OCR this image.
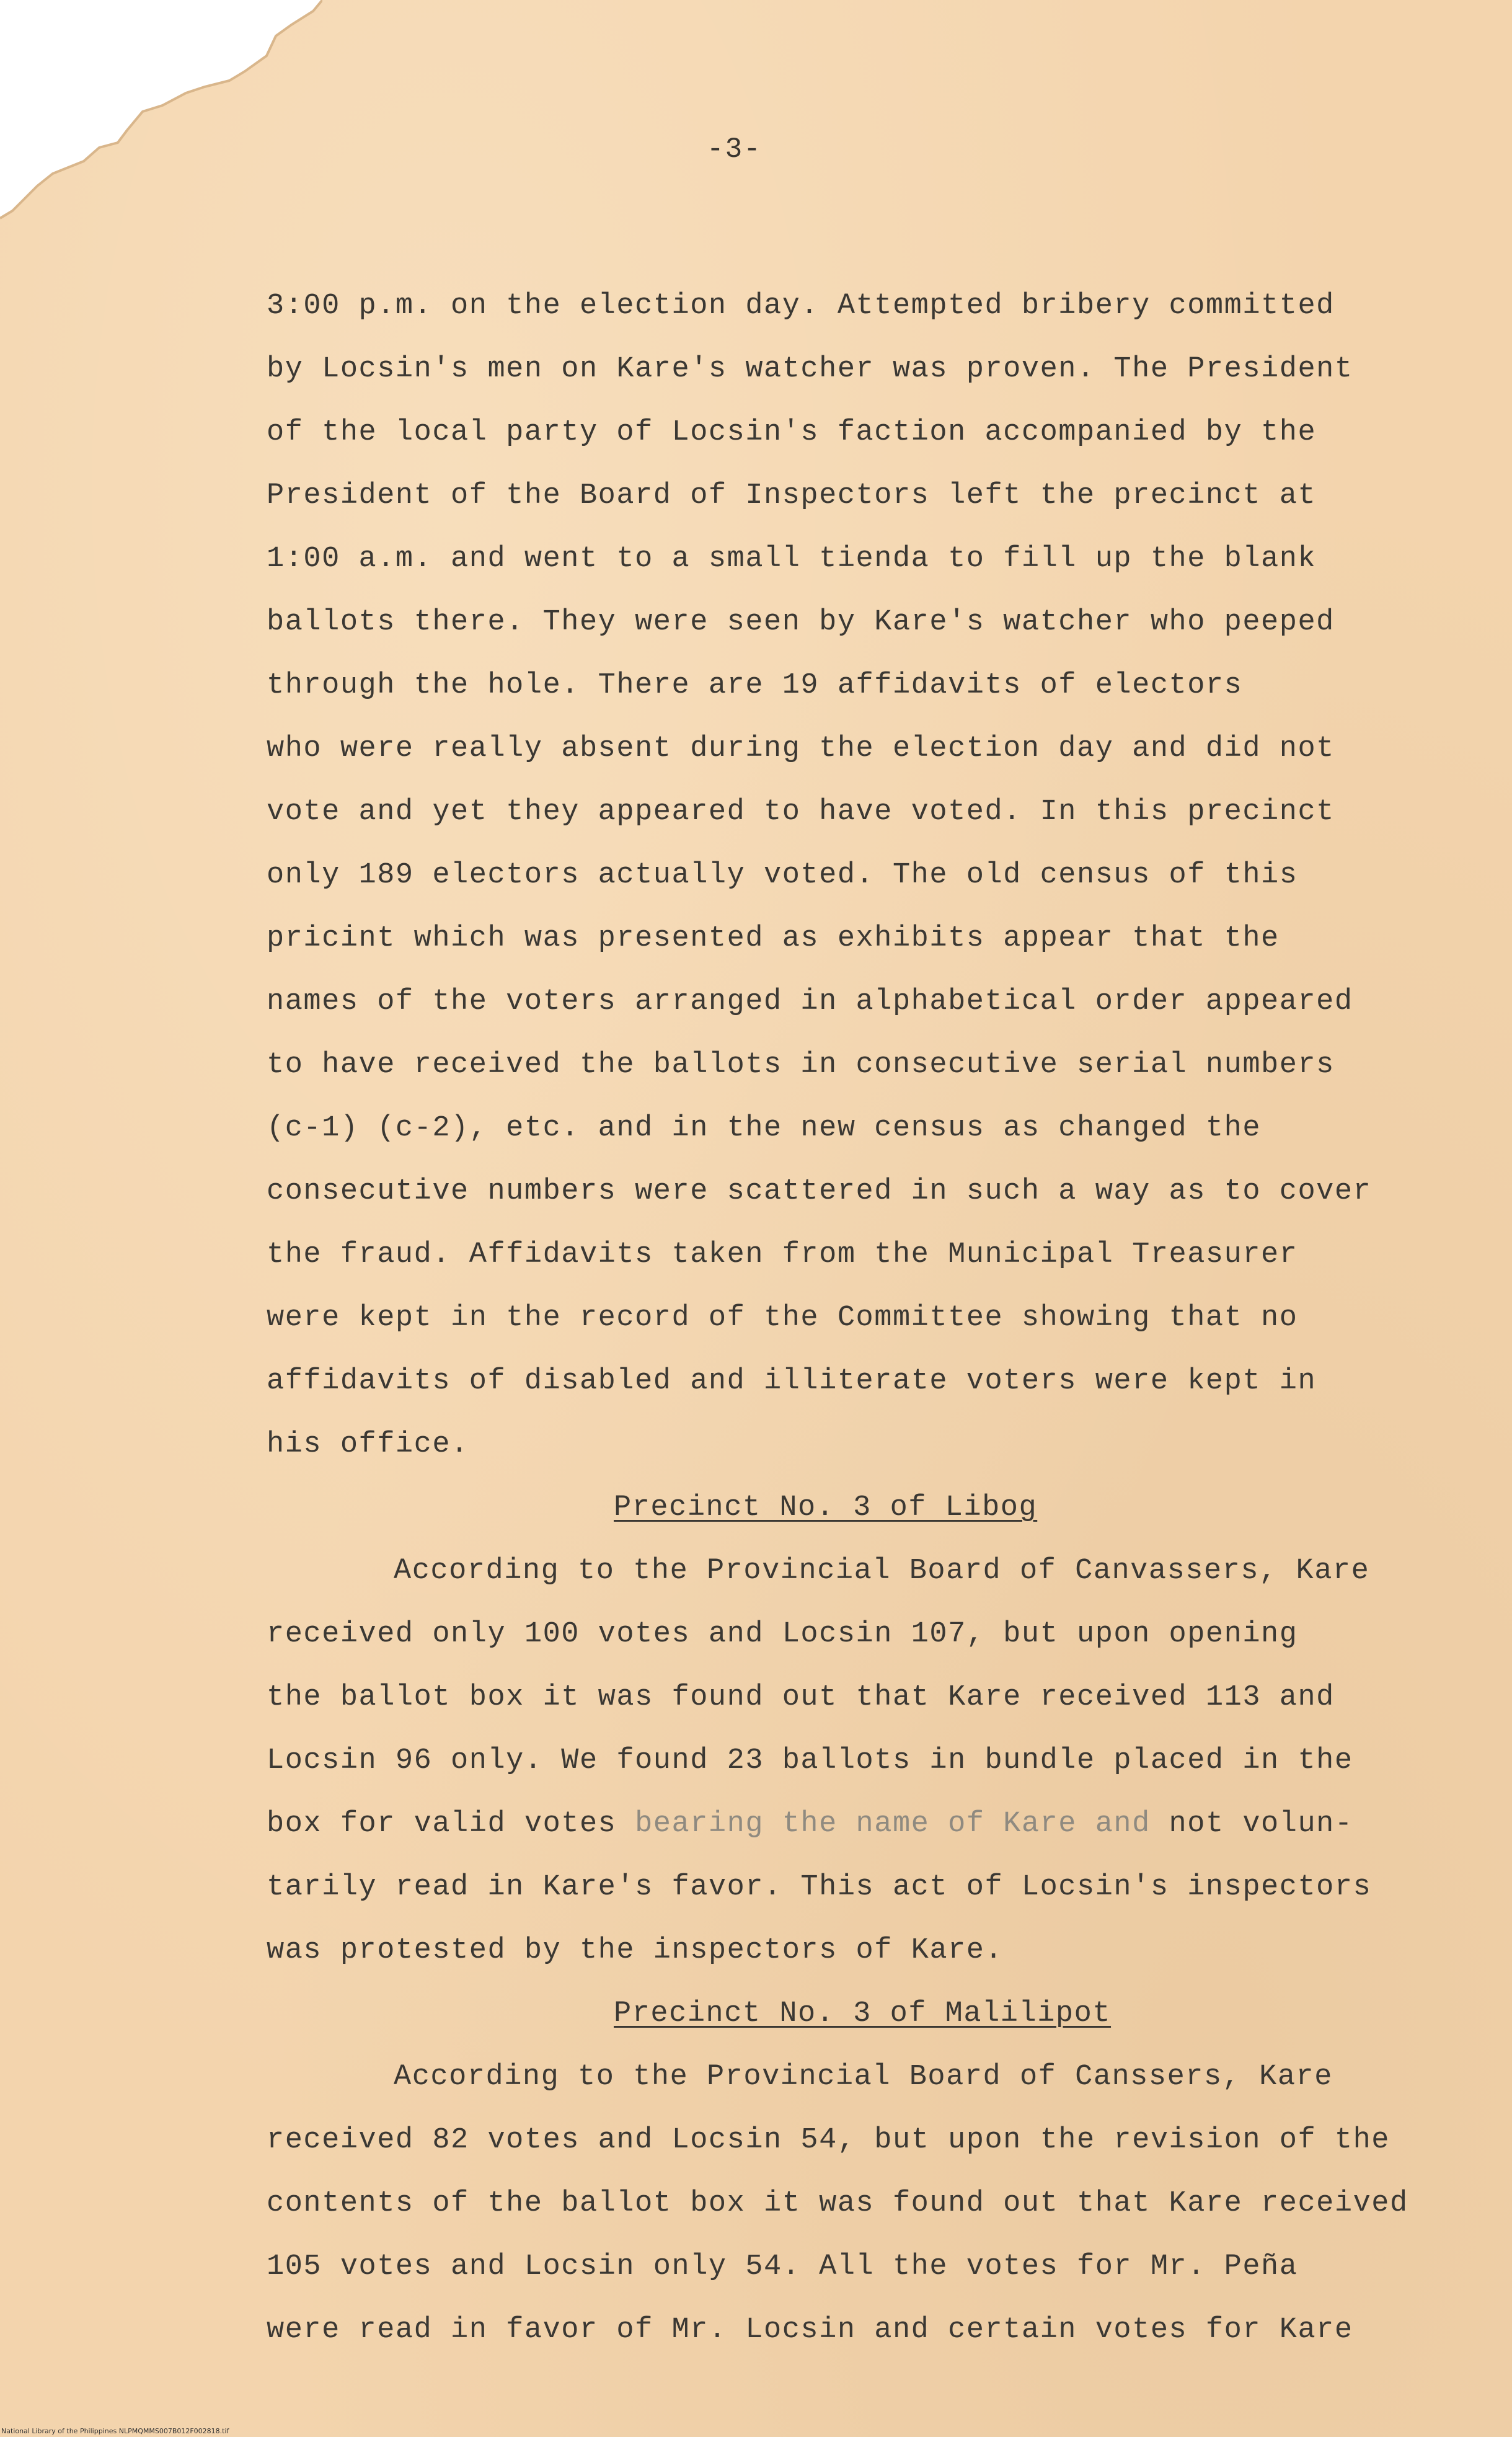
-3-
3:00 p.m. on the election day. Attempted bribery committed
by Locsin's men on Kare's watcher was proven. The President
of the local party of Locsin's faction accompanied by the
President of the Board of Inspectors left the precinct at
1:00 a.m. and went to a small tienda to fill up the blank
ballots there. They were seen by Kare's watcher who peeped
through the hole. There are 19 affidavits of electors
who were really absent during the election day and did not
vote and yet they appeared to have voted. In this precinct
only 189 electors actually voted. The old census of this
pricint which was presented as exhibits appear that the
names of the voters arranged in alphabetical order appeared
to have received the ballots in consecutive serial numbers
(c-1) (c-2), etc. and in the new census as changed the
consecutive numbers were scattered in such a way as to cover
the fraud. Affidavits taken from the Municipal Treasurer
were kept in the record of the Committee showing that no
affidavits of disabled and illiterate voters were kept in
his office.
Precinct No. 3 of Libog
According to the Provincial Board of Canvassers, Kare
received only 100 votes and Locsin 107, but upon opening
the ballot box it was found out that Kare received 113 and
Locsin 96 only. We found 23 ballots in bundle placed in the
box for valid votes bearing the name of Kare and not volun-
tarily read in Kare's favor. This act of Locsin's inspectors
was protested by the inspectors of Kare.
Precinct No. 3 of Malilipot
According to the Provincial Board of Canssers, Kare
received 82 votes and Locsin 54, but upon the revision of the
contents of the ballot box it was found out that Kare received
105 votes and Locsin only 54. All the votes for Mr. Peña
were read in favor of Mr. Locsin and certain votes for Kare
National Library of the Philippines NLPMQMMS007B012F002818.tif
